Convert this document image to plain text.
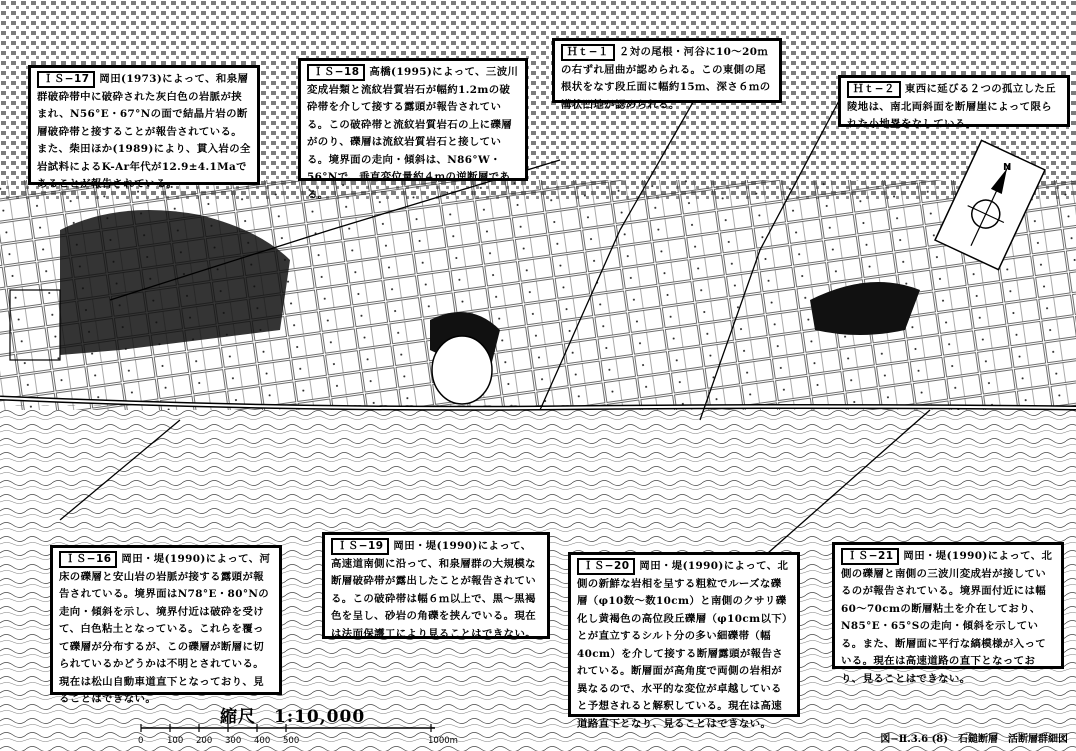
N
ＩＳ−17 岡田(1973)によって、和泉層群破砕帯中に破砕された灰白色の岩脈が挟まれ、N56°E・67°Nの面で結晶片岩の断層破砕帯と接することが報告されている。また、柴田ほか(1989)により、貫入岩の全岩試料によるK-Ar年代が12.9±4.1Maであることが報告されている。
ＩＳ−18 高橋(1995)によって、三波川変成岩類と流紋岩質岩石が幅約1.2mの破砕帯を介して接する露頭が報告されている。この破砕帯と流紋岩質岩石の上に礫層がのり、礫層は流紋岩質岩石と接している。境界面の走向・傾斜は、N86°W・56°Nで、垂直変位量約４ｍの逆断層である。
Ｈｔ−１ ２対の尾根・河谷に10〜20ｍの右ずれ屈曲が認められる。この東側の尾根状をなす段丘面に幅約15ｍ、深さ６ｍの溝状凹地が認められる。
Ｈｔ−２ 東西に延びる２つの孤立した丘陵地は、南北両斜面を断層崖によって限られた小地塁をなしている。
ＩＳ−16 岡田・堤(1990)によって、河床の礫層と安山岩の岩脈が接する露頭が報告されている。境界面はN78°E・80°Nの走向・傾斜を示し、境界付近は破砕を受けて、白色粘土となっている。これらを覆って礫層が分布するが、この礫層が断層に切られているかどうかは不明とされている。現在は松山自動車道直下となっており、見ることはできない。
ＩＳ−19 岡田・堤(1990)によって、高速道南側に沿って、和泉層群の大規模な断層破砕帯が露出したことが報告されている。この破砕帯は幅６ｍ以上で、黒〜黒褐色を呈し、砂岩の角礫を挟んでいる。現在は法面保護工により見ることはできない。
ＩＳ−20 岡田・堤(1990)によって、北側の新鮮な岩相を呈する粗粒でルーズな礫層（φ10数〜数10cm）と南側のクサリ礫化し黄褐色の高位段丘礫層（φ10cm以下）とが直立するシルト分の多い細礫帯（幅40cm）を介して接する断層露頭が報告されている。断層面が高角度で両側の岩相が異なるので、水平的な変位が卓越していると予想されると解釈している。現在は高速道路直下となり、見ることはできない。
ＩＳ−21 岡田・堤(1990)によって、北側の礫層と南側の三波川変成岩が接しているのが報告されている。境界面付近には幅60〜70cmの断層粘土を介在しており、N85°E・65°Sの走向・傾斜を示している。また、断層面に平行な縞模様が入っている。現在は高速道路の直下となっており、見ることはできない。
縮尺　1:10,000
0	100 200 300 400 500	1000m	図−Ⅱ.3.6 (8)　石鎚断層　活断層群細図
